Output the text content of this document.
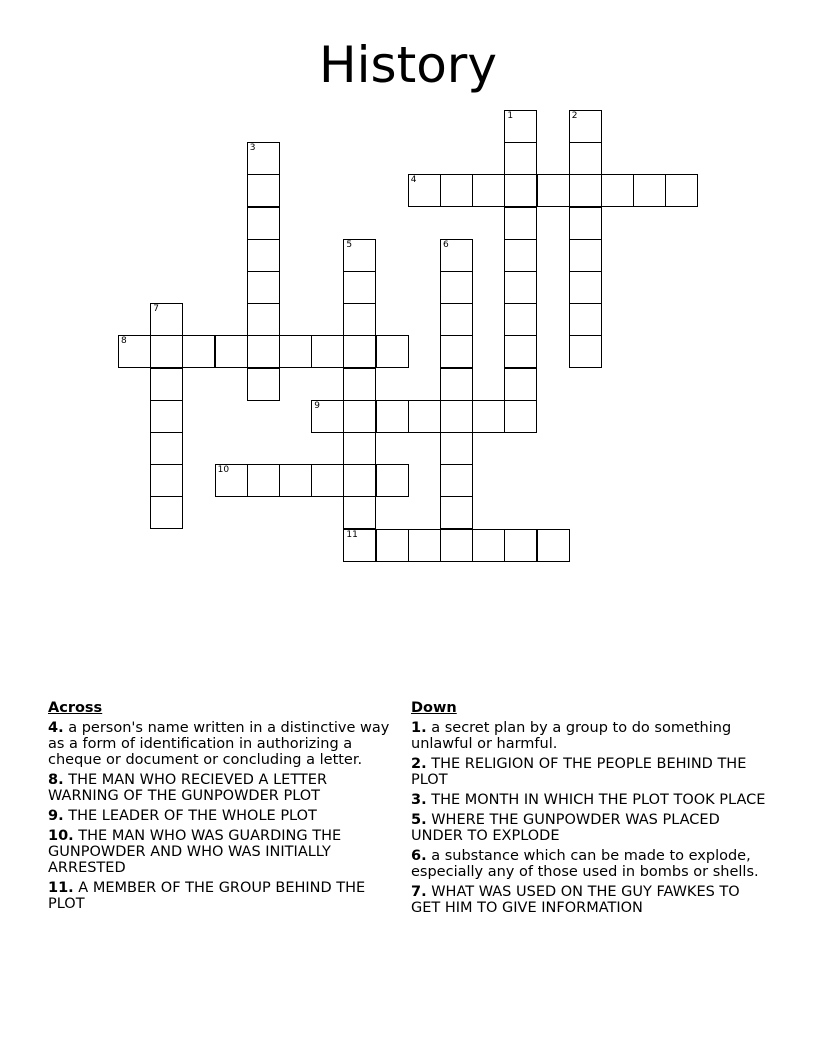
History
1	2
3
4
5
11
6
7
8
9
10
Across
4. a person's name written in a distinctive way as a form of identification in authorizing a cheque or document or concluding a letter.
8. THE MAN WHO RECIEVED A LETTER WARNING OF THE GUNPOWDER PLOT
9. THE LEADER OF THE WHOLE PLOT
10. THE MAN WHO WAS GUARDING THE GUNPOWDER AND WHO WAS INITIALLY ARRESTED
11. A MEMBER OF THE GROUP BEHIND THE PLOT
Down
1. a secret plan by a group to do something unlawful or harmful.
2. THE RELIGION OF THE PEOPLE BEHIND THE PLOT
3. THE MONTH IN WHICH THE PLOT TOOK PLACE
5. WHERE THE GUNPOWDER WAS PLACED UNDER TO EXPLODE
6. a substance which can be made to explode, especially any of those used in bombs or shells.
7. WHAT WAS USED ON THE GUY FAWKES TO GET HIM TO GIVE INFORMATION
